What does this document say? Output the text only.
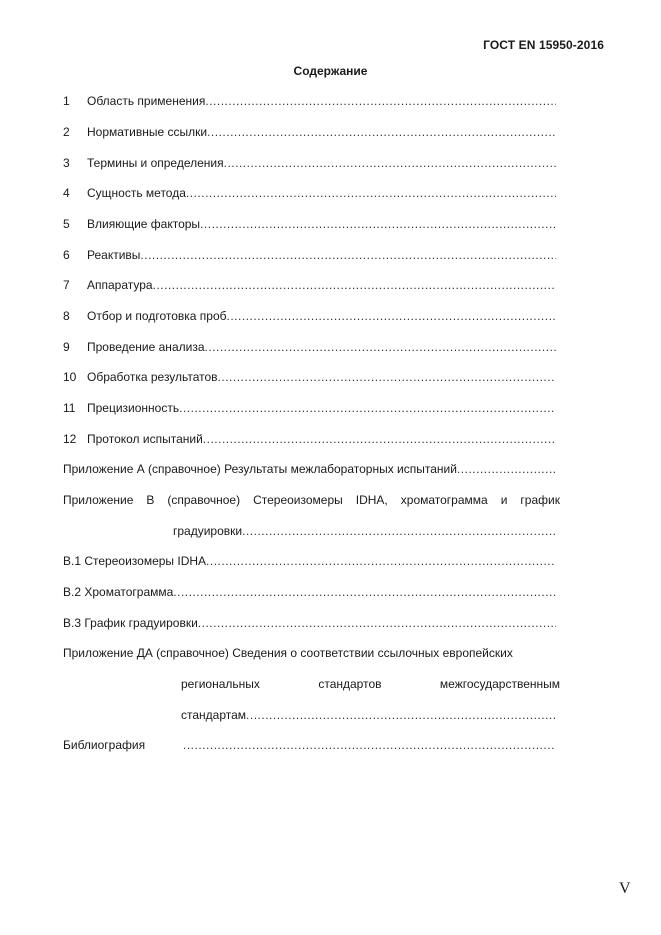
ГОСТ EN 15950-2016
Содержание
1	Область применения
.....
2	Нормативные ссылки
.....
3	Термины и определения
.....
4	Сущность метода
.....
5	Влияющие факторы
.....
6	Реактивы
.....
7	Аппаратура
.....
8	Отбор и подготовка проб
.....
9	Проведение анализа
.....
10 Обработка результатов
.....
11 Прецизионность
.....
12 Протокол испытаний
.....
Приложение А (справочное) Результаты межлабораторных испытаний
.....
Приложение В (справочное) Стереоизомеры IDHA, хроматограмма и график
градуировки
.....
В.1 Стереоизомеры IDHA
.....
В.2 Хроматограмма
.....
В.3 График градуировки
.....
Приложение ДА (справочное) Сведения о соответствии ссылочных европейских
региональных	стандартов	межгосударственным
стандартам
.....
Библиография
.....
V
